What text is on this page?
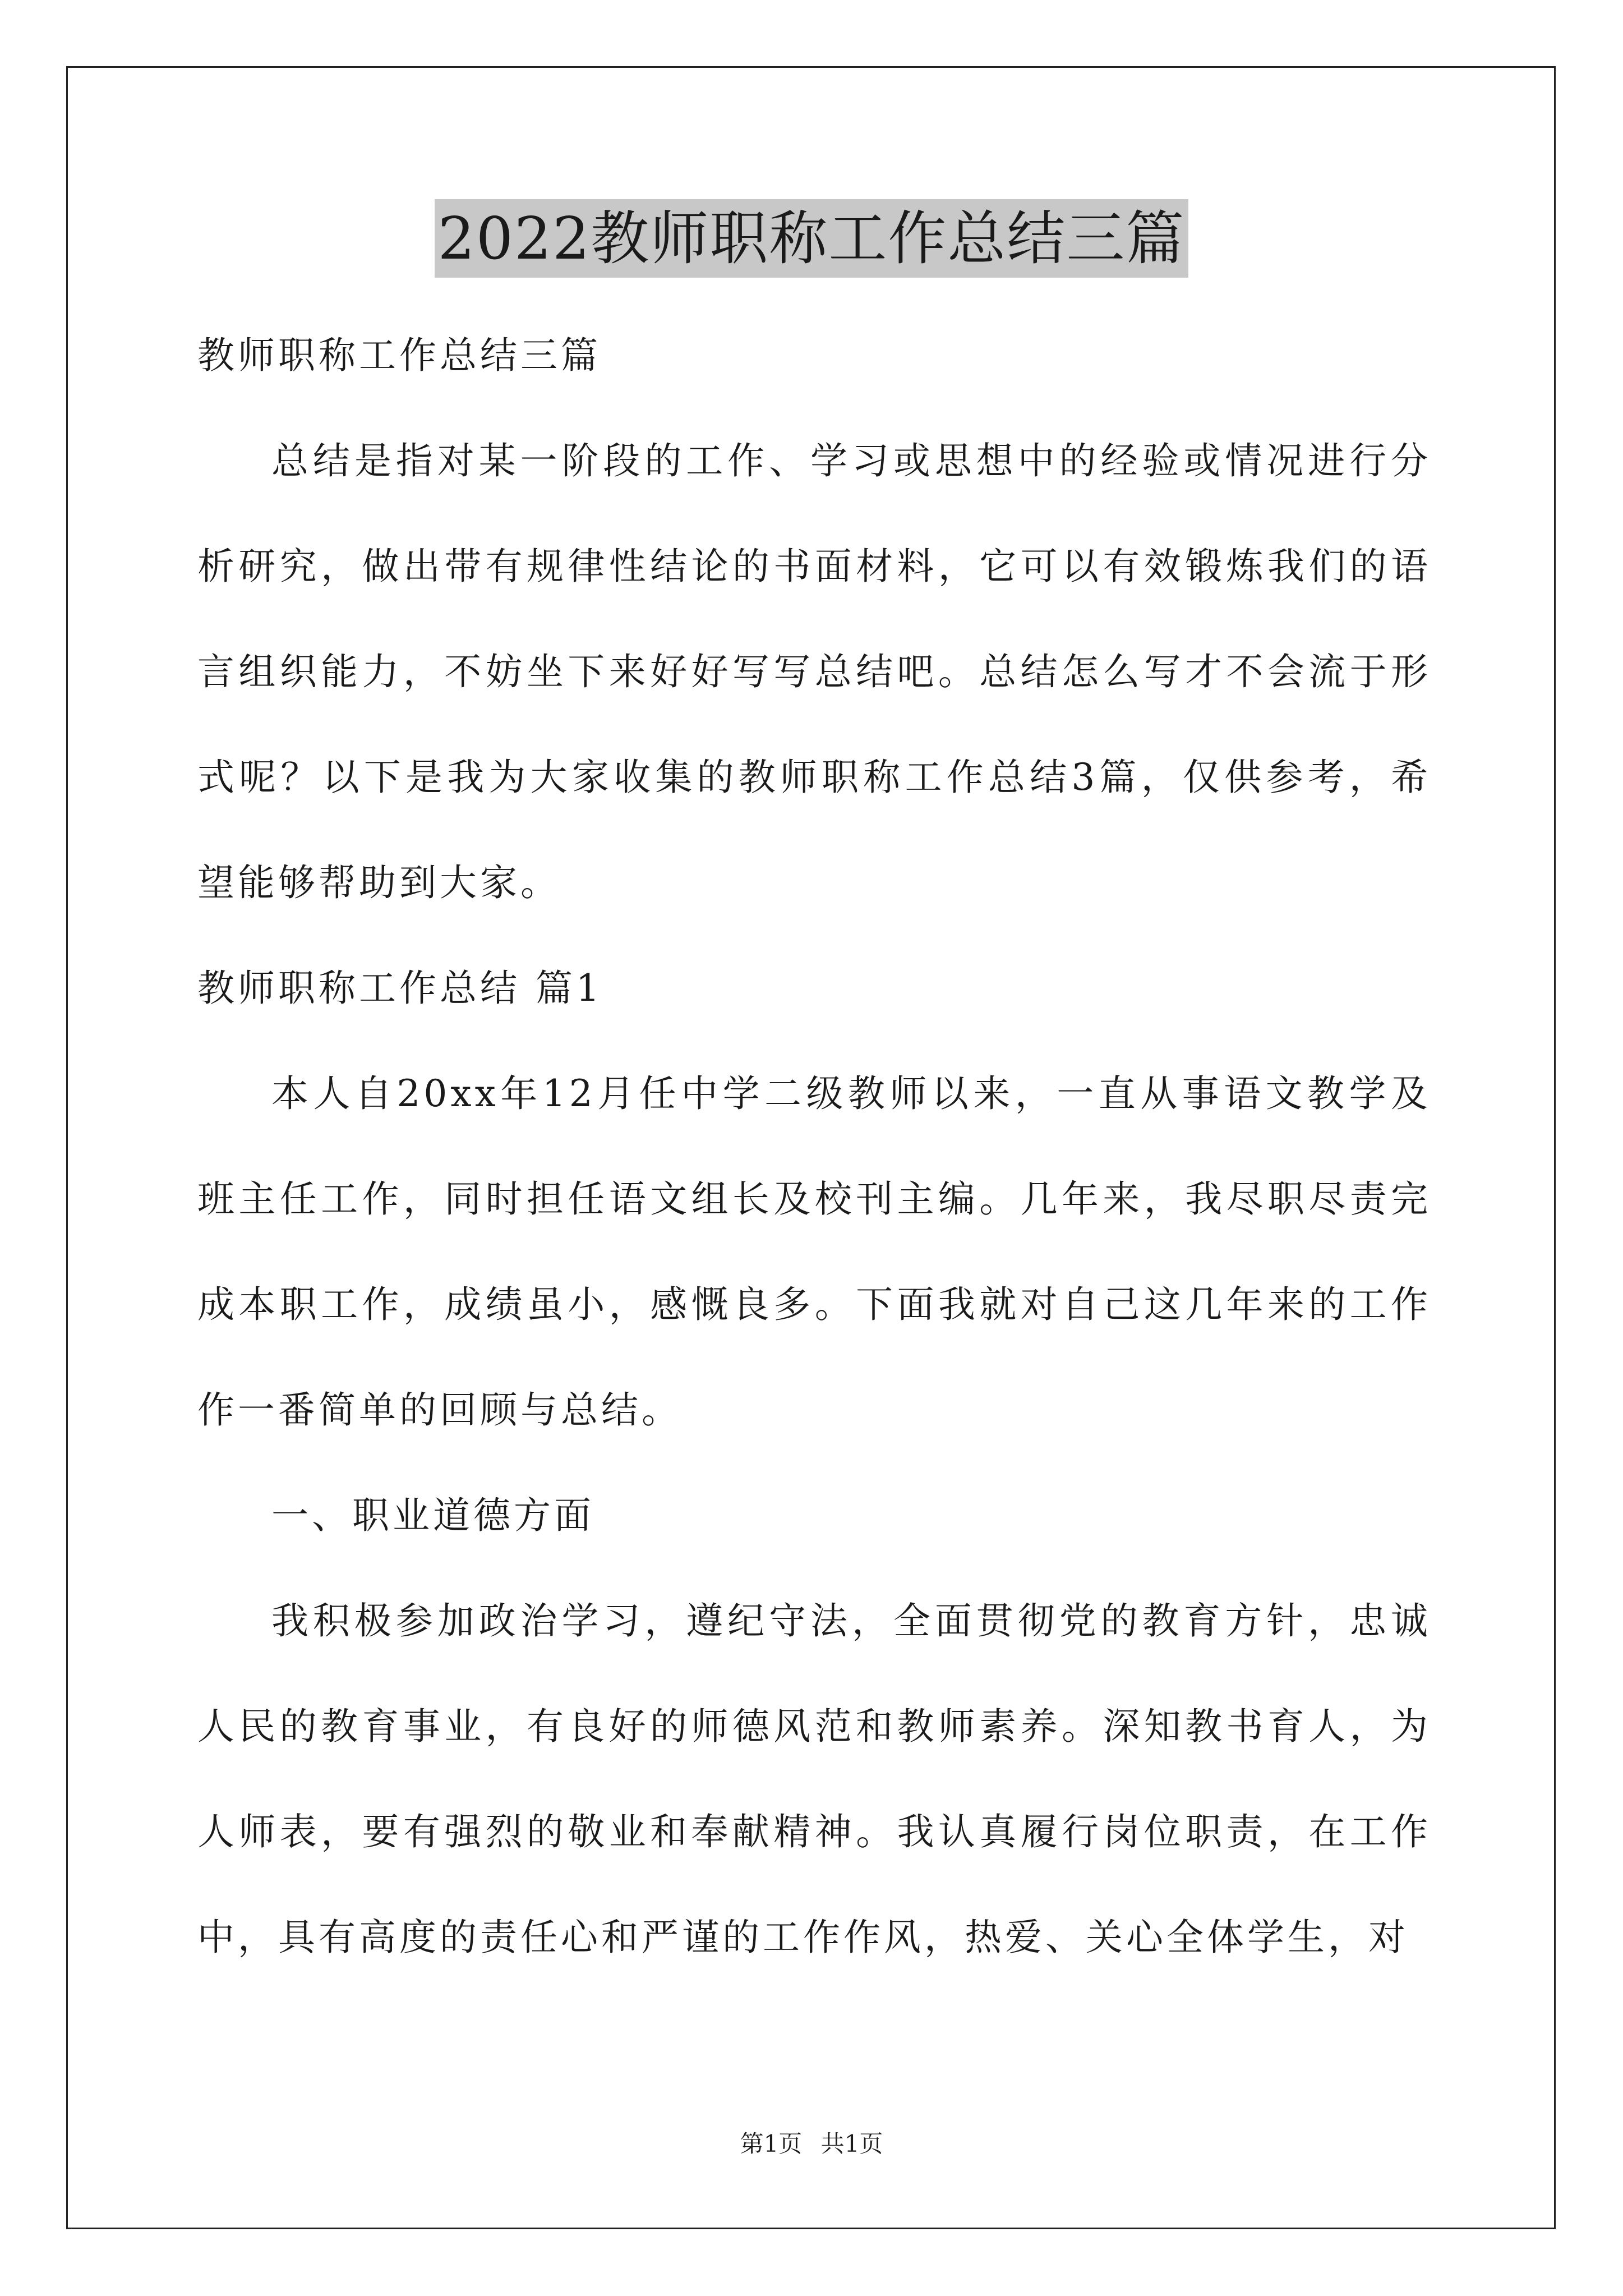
2022教师职称工作总结三篇

教师职称工作总结三篇

总结是指对某一阶段的工作、学习或思想中的经验或情况进行分析研究，做出带有规律性结论的书面材料，它可以有效锻炼我们的语言组织能力，不妨坐下来好好写写总结吧。总结怎么写才不会流于形式呢？以下是我为大家收集的教师职称工作总结3篇，仅供参考，希望能够帮助到大家。

教师职称工作总结 篇1

本人自20xx年12月任中学二级教师以来，一直从事语文教学及班主任工作，同时担任语文组长及校刊主编。几年来，我尽职尽责完成本职工作，成绩虽小，感慨良多。下面我就对自己这几年来的工作作一番简单的回顾与总结。

一、职业道德方面

我积极参加政治学习，遵纪守法，全面贯彻党的教育方针，忠诚人民的教育事业，有良好的师德风范和教师素养。深知教书育人，为人师表，要有强烈的敬业和奉献精神。我认真履行岗位职责，在工作中，具有高度的责任心和严谨的工作作风，热爱、关心全体学生，对

第1页 共1页
